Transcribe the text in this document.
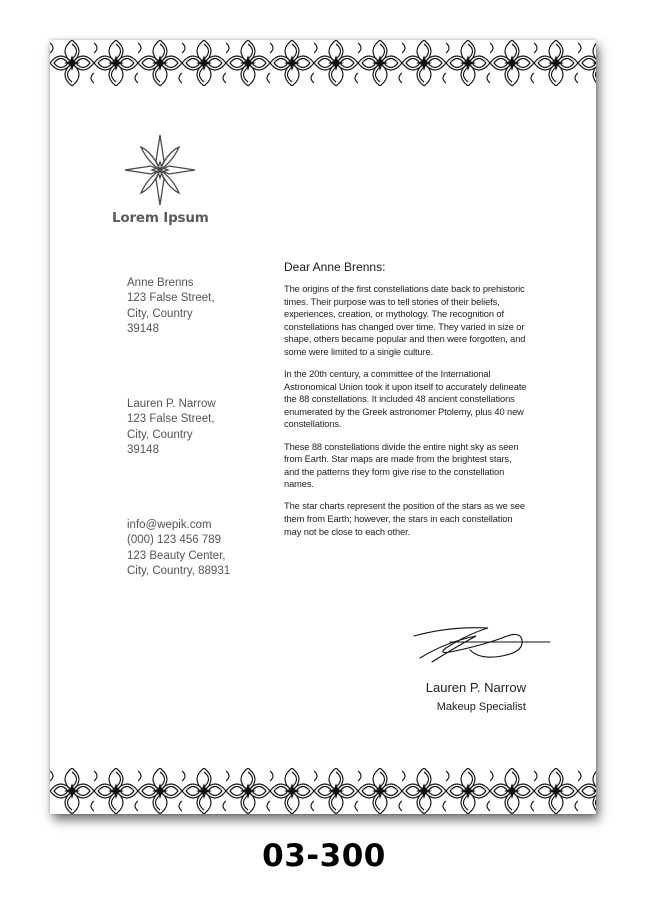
Lorem Ipsum
Anne Brenns
123 False Street,
City, Country
39148
Lauren P. Narrow
123 False Street,
City, Country
39148
info@wepik.com
(000) 123 456 789
123 Beauty Center,
City, Country, 88931
Dear Anne Brenns:
The origins of the first constellations date back to prehistoric times. Their purpose was to tell stories of their beliefs, experiences, creation, or mythology. The recognition of constellations has changed over time. They varied in size or shape, others became popular and then were forgotten, and some were limited to a single culture.
In the 20th century, a committee of the International Astronomical Union took it upon itself to accurately delineate the 88 constellations. It included 48 ancient constellations enumerated by the Greek astronomer Ptolemy, plus 40 new constellations.
These 88 constellations divide the entire night sky as seen from Earth. Star maps are made from the brightest stars, and the patterns they form give rise to the constellation names.
The star charts represent the position of the stars as we see them from Earth; however, the stars in each constellation may not be close to each other.
Lauren P. Narrow
Makeup Specialist
03-300
